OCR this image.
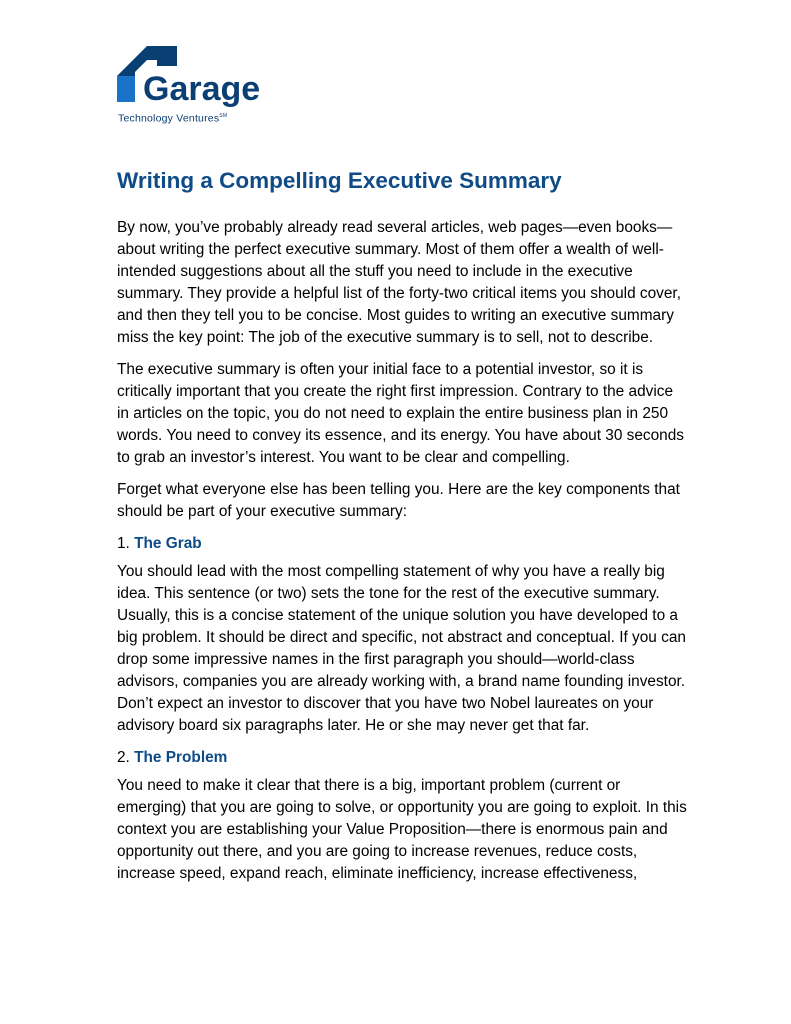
Garage
Technology Ventures℠
Writing a Compelling Executive Summary

By now, you’ve probably already read several articles, web pages—even books—about writing the perfect executive summary. Most of them offer a wealth of well-intended suggestions about all the stuff you need to include in the executive summary. They provide a helpful list of the forty-two critical items you should cover, and then they tell you to be concise. Most guides to writing an executive summary miss the key point: The job of the executive summary is to sell, not to describe.

The executive summary is often your initial face to a potential investor, so it is critically important that you create the right first impression. Contrary to the advice in articles on the topic, you do not need to explain the entire business plan in 250 words. You need to convey its essence, and its energy. You have about 30 seconds to grab an investor’s interest. You want to be clear and compelling.

Forget what everyone else has been telling you. Here are the key components that should be part of your executive summary:

1. The Grab

You should lead with the most compelling statement of why you have a really big idea. This sentence (or two) sets the tone for the rest of the executive summary. Usually, this is a concise statement of the unique solution you have developed to a big problem. It should be direct and specific, not abstract and conceptual. If you can drop some impressive names in the first paragraph you should—world-class advisors, companies you are already working with, a brand name founding investor. Don’t expect an investor to discover that you have two Nobel laureates on your advisory board six paragraphs later. He or she may never get that far.

2. The Problem

You need to make it clear that there is a big, important problem (current or emerging) that you are going to solve, or opportunity you are going to exploit. In this context you are establishing your Value Proposition—there is enormous pain and opportunity out there, and you are going to increase revenues, reduce costs, increase speed, expand reach, eliminate inefficiency, increase effectiveness,
